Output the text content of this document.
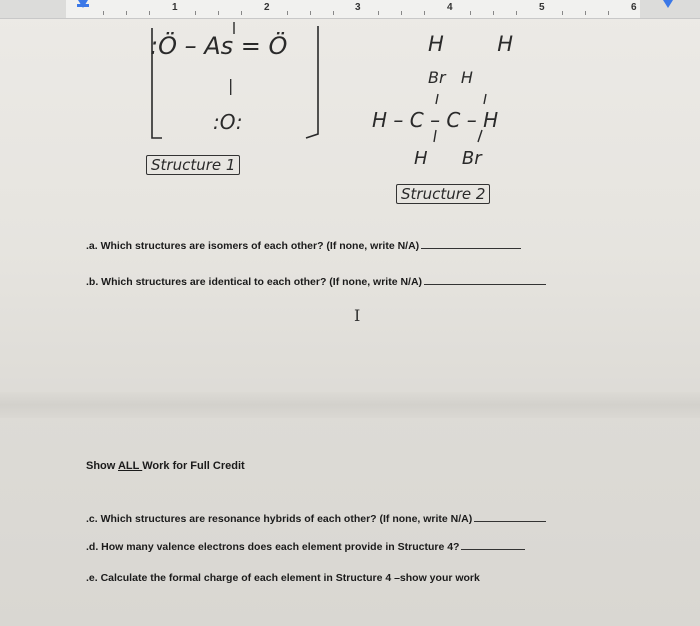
1	2	3	4	5	6
:Ö – As = Ö
|
:O:
Structure 1
H        H
Br   H
H – C – C – H
H      Br
Structure 2
.a. Which structures are isomers of each other? (If none, write N/A)
.b. Which structures are identical to each other? (If none, write N/A)
I
Show ALL Work for Full Credit
.c. Which structures are resonance hybrids of each other? (If none, write N/A)
.d. How many valence electrons does each element provide in Structure 4?
.e. Calculate the formal charge of each element in Structure 4 –show your work
